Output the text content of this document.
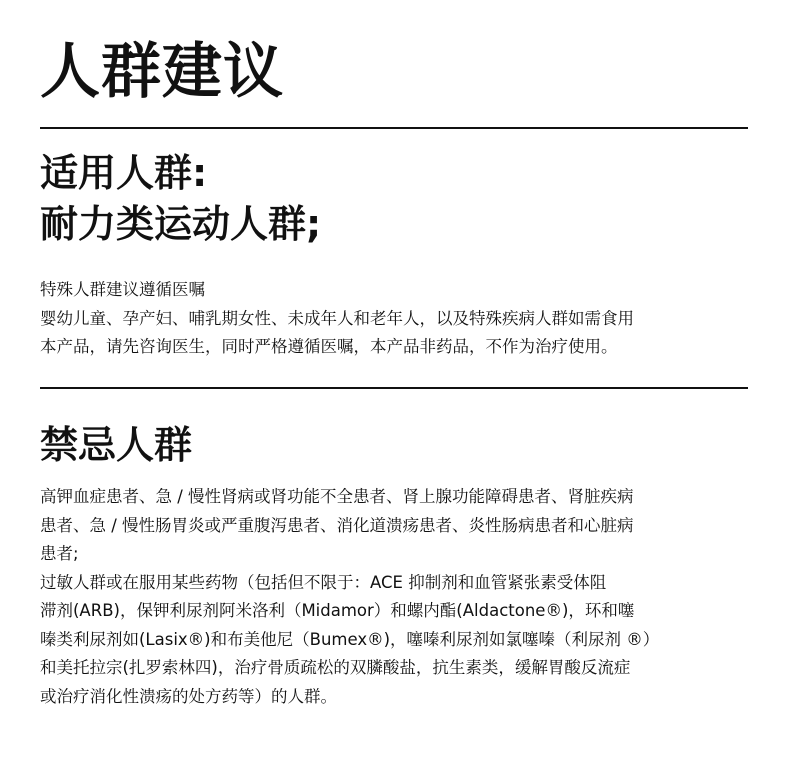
人群建议
适用人群:
耐力类运动人群;
特殊人群建议遵循医嘱
婴幼儿童、孕产妇、哺乳期女性、未成年人和老年人，以及特殊疾病人群如需食用
本产品，请先咨询医生，同时严格遵循医嘱，本产品非药品，不作为治疗使用。
禁忌人群
高钾血症患者、急 / 慢性肾病或肾功能不全患者、肾上腺功能障碍患者、肾脏疾病
患者、急 / 慢性肠胃炎或严重腹泻患者、消化道溃疡患者、炎性肠病患者和心脏病
患者;
过敏人群或在服用某些药物（包括但不限于：ACE 抑制剂和血管紧张素受体阻
滞剂(ARB)，保钾利尿剂阿米洛利（Midamor）和螺内酯(Aldactone®)，环和噻
嗪类利尿剂如(Lasix®)和布美他尼（Bumex®)，噻嗪利尿剂如氯噻嗪（利尿剂 ®）
和美托拉宗(扎罗索林四)，治疗骨质疏松的双膦酸盐，抗生素类，缓解胃酸反流症
或治疗消化性溃疡的处方药等）的人群。
